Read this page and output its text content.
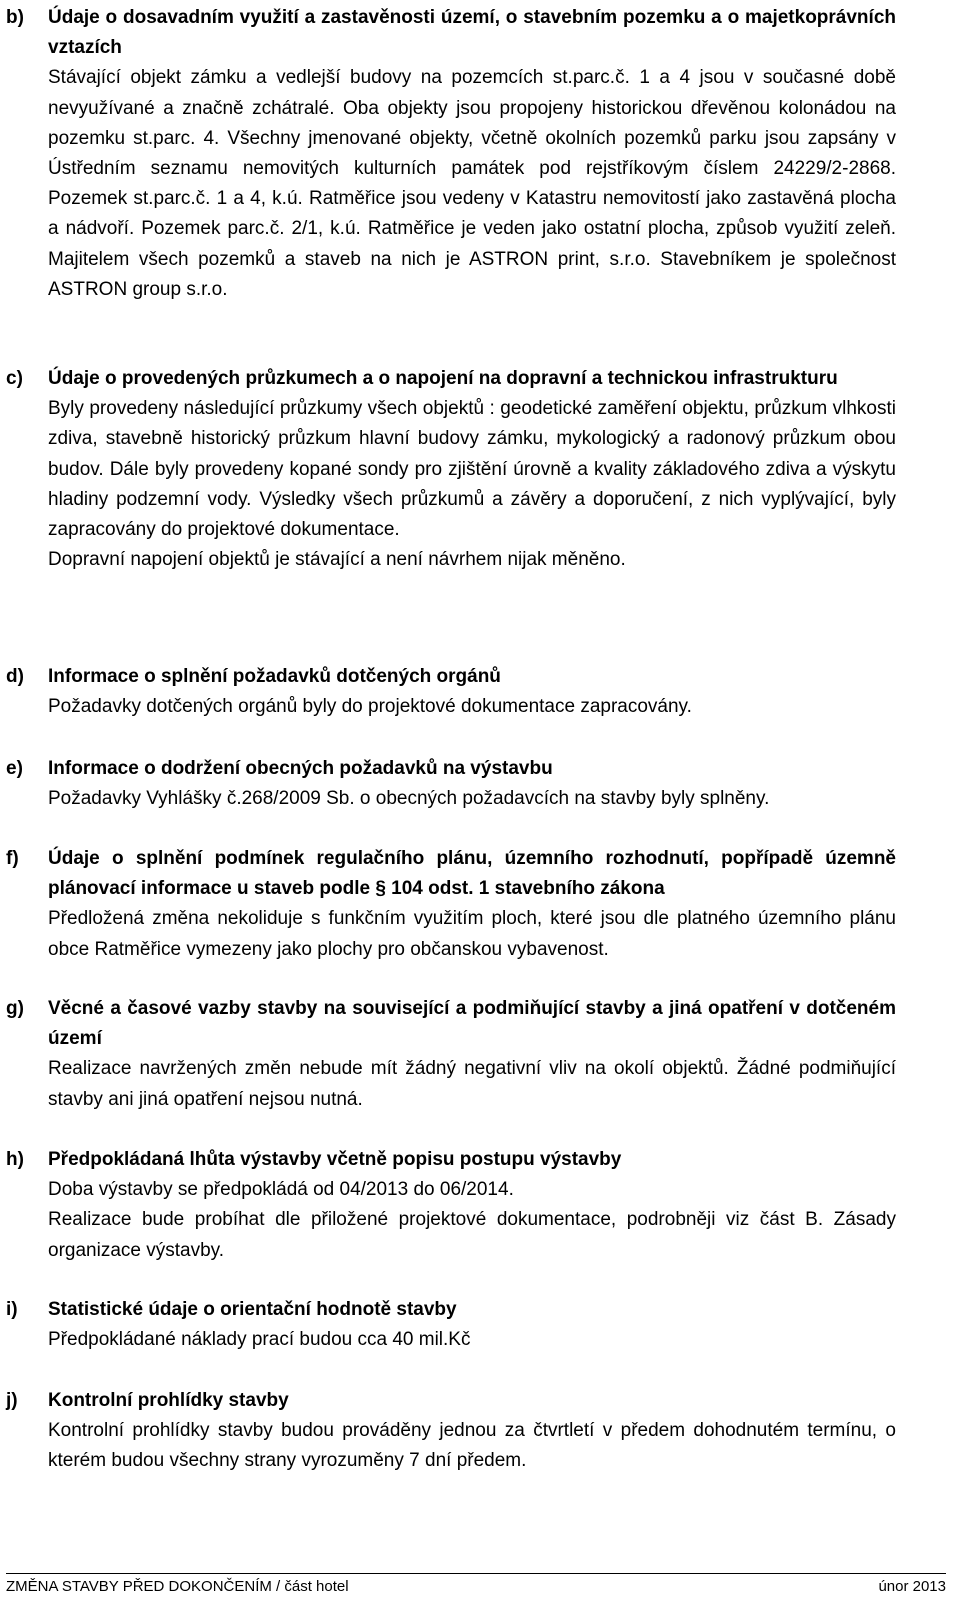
b) Údaje o dosavadním využití a zastavěnosti území, o stavebním pozemku a o majetkoprávních vztazích
Stávající objekt zámku a vedlejší budovy na pozemcích st.parc.č. 1 a 4 jsou v současné době nevyužívané a značně zchátralé. Oba objekty jsou propojeny historickou dřevěnou kolonádou na pozemku st.parc. 4. Všechny jmenované objekty, včetně okolních pozemků parku jsou zapsány v Ústředním seznamu nemovitých kulturních památek pod rejstříkovým číslem 24229/2-2868. Pozemek st.parc.č. 1 a 4, k.ú. Ratměřice jsou vedeny v Katastru nemovitostí jako zastavěná plocha a nádvoří. Pozemek parc.č. 2/1, k.ú. Ratměřice je veden jako ostatní plocha, způsob využití zeleň. Majitelem všech pozemků a staveb na nich je ASTRON print, s.r.o. Stavebníkem je společnost ASTRON group s.r.o.
c) Údaje o provedených průzkumech a o napojení na dopravní a technickou infrastrukturu
Byly provedeny následující průzkumy všech objektů : geodetické zaměření objektu, průzkum vlhkosti zdiva, stavebně historický průzkum hlavní budovy zámku, mykologický a radonový průzkum obou budov. Dále byly provedeny kopané sondy pro zjištění úrovně a kvality základového zdiva a výskytu hladiny podzemní vody. Výsledky všech průzkumů a závěry a doporučení, z nich vyplývající, byly zapracovány do projektové dokumentace.
Dopravní napojení objektů je stávající a není návrhem nijak měněno.
d) Informace o splnění požadavků dotčených orgánů
Požadavky dotčených orgánů byly do projektové dokumentace zapracovány.
e) Informace o dodržení obecných požadavků na výstavbu
Požadavky Vyhlášky č.268/2009 Sb. o obecných požadavcích na stavby byly splněny.
f) Údaje o splnění podmínek regulačního plánu, územního rozhodnutí, popřípadě územně plánovací informace u staveb podle § 104 odst. 1 stavebního zákona
Předložená změna nekoliduje s funkčním využitím ploch, které jsou dle platného územního plánu obce Ratměřice vymezeny jako plochy pro občanskou vybavenost.
g) Věcné a časové vazby stavby na související a podmiňující stavby a jiná opatření v dotčeném území
Realizace navržených změn nebude mít žádný negativní vliv na okolí objektů. Žádné podmiňující stavby ani jiná opatření nejsou nutná.
h) Předpokládaná lhůta výstavby včetně popisu postupu výstavby
Doba výstavby se předpokládá od 04/2013 do 06/2014.
Realizace bude probíhat dle přiložené projektové dokumentace, podrobněji viz část B. Zásady organizace výstavby.
i) Statistické údaje o orientační hodnotě stavby
Předpokládané náklady prací budou cca 40 mil.Kč
j) Kontrolní prohlídky stavby
Kontrolní prohlídky stavby budou prováděny jednou za čtvrtletí v předem dohodnutém termínu, o kterém budou všechny strany vyrozuměny 7 dní předem.
ZMĚNA STAVBY PŘED DOKONČENÍM / část hotel	únor 2013
